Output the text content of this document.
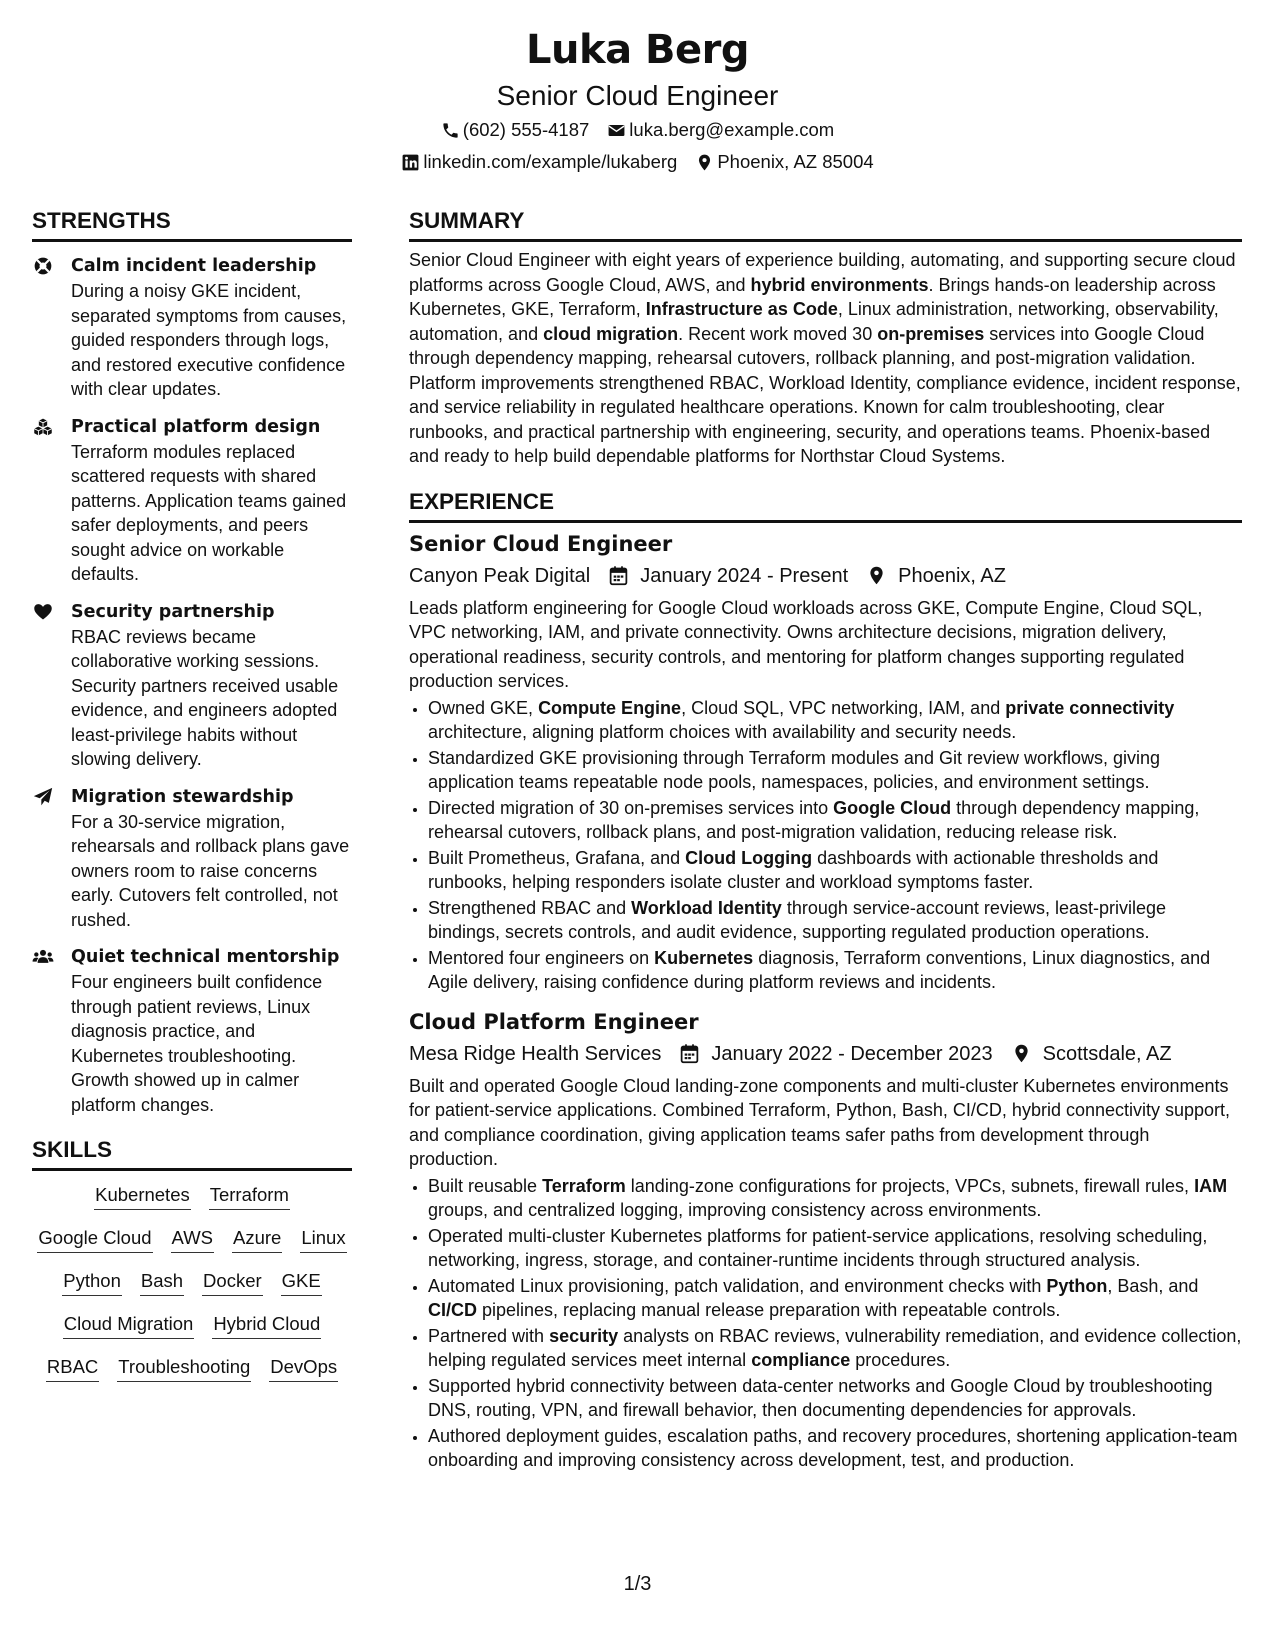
Luka Berg
Senior Cloud Engineer
(602) 555-4187 luka.berg@example.com
linkedin.com/example/lukaberg Phoenix, AZ 85004
STRENGTHS
Calm incident leadership
During a noisy GKE incident, separated symptoms from causes, guided responders through logs, and restored executive confidence with clear updates.
Practical platform design
Terraform modules replaced scattered requests with shared patterns. Application teams gained safer deployments, and peers sought advice on workable defaults.
Security partnership
RBAC reviews became collaborative working sessions. Security partners received usable evidence, and engineers adopted least-privilege habits without slowing delivery.
Migration stewardship
For a 30-service migration, rehearsals and rollback plans gave owners room to raise concerns early. Cutovers felt controlled, not rushed.
Quiet technical mentorship
Four engineers built confidence through patient reviews, Linux diagnosis practice, and Kubernetes troubleshooting. Growth showed up in calmer platform changes.
SKILLS
Kubernetes Terraform
Google Cloud AWS Azure Linux
Python Bash Docker GKE
Cloud Migration Hybrid Cloud
RBAC Troubleshooting DevOps
SUMMARY

Senior Cloud Engineer with eight years of experience building, automating, and supporting secure cloud platforms across Google Cloud, AWS, and hybrid environments. Brings hands-on leadership across Kubernetes, GKE, Terraform, Infrastructure as Code, Linux administration, networking, observability, automation, and cloud migration. Recent work moved 30 on-premises services into Google Cloud through dependency mapping, rehearsal cutovers, rollback planning, and post-migration validation. Platform improvements strengthened RBAC, Workload Identity, compliance evidence, incident response, and service reliability in regulated healthcare operations. Known for calm troubleshooting, clear runbooks, and practical partnership with engineering, security, and operations teams. Phoenix-based and ready to help build dependable platforms for Northstar Cloud Systems.

EXPERIENCE
Senior Cloud Engineer
Canyon Peak Digital	January 2024 - Present	Phoenix, AZ
Leads platform engineering for Google Cloud workloads across GKE, Compute Engine, Cloud SQL, VPC networking, IAM, and private connectivity. Owns architecture decisions, migration delivery, operational readiness, security controls, and mentoring for platform changes supporting regulated production services.
• Owned GKE, Compute Engine, Cloud SQL, VPC networking, IAM, and private connectivity architecture, aligning platform choices with availability and security needs.
• Standardized GKE provisioning through Terraform modules and Git review workflows, giving application teams repeatable node pools, namespaces, policies, and environment settings.
• Directed migration of 30 on-premises services into Google Cloud through dependency mapping, rehearsal cutovers, rollback plans, and post-migration validation, reducing release risk.
• Built Prometheus, Grafana, and Cloud Logging dashboards with actionable thresholds and runbooks, helping responders isolate cluster and workload symptoms faster.
• Strengthened RBAC and Workload Identity through service-account reviews, least-privilege bindings, secrets controls, and audit evidence, supporting regulated production operations.
• Mentored four engineers on Kubernetes diagnosis, Terraform conventions, Linux diagnostics, and Agile delivery, raising confidence during platform reviews and incidents.
Cloud Platform Engineer
Mesa Ridge Health Services	January 2022 - December 2023	Scottsdale, AZ
Built and operated Google Cloud landing-zone components and multi-cluster Kubernetes environments for patient-service applications. Combined Terraform, Python, Bash, CI/CD, hybrid connectivity support, and compliance coordination, giving application teams safer paths from development through production.
• Built reusable Terraform landing-zone configurations for projects, VPCs, subnets, firewall rules, IAM groups, and centralized logging, improving consistency across environments.
• Operated multi-cluster Kubernetes platforms for patient-service applications, resolving scheduling, networking, ingress, storage, and container-runtime incidents through structured analysis.
• Automated Linux provisioning, patch validation, and environment checks with Python, Bash, and CI/CD pipelines, replacing manual release preparation with repeatable controls.
• Partnered with security analysts on RBAC reviews, vulnerability remediation, and evidence collection, helping regulated services meet internal compliance procedures.
• Supported hybrid connectivity between data-center networks and Google Cloud by troubleshooting DNS, routing, VPN, and firewall behavior, then documenting dependencies for approvals.
• Authored deployment guides, escalation paths, and recovery procedures, shortening application-team onboarding and improving consistency across development, test, and production.
1/3
